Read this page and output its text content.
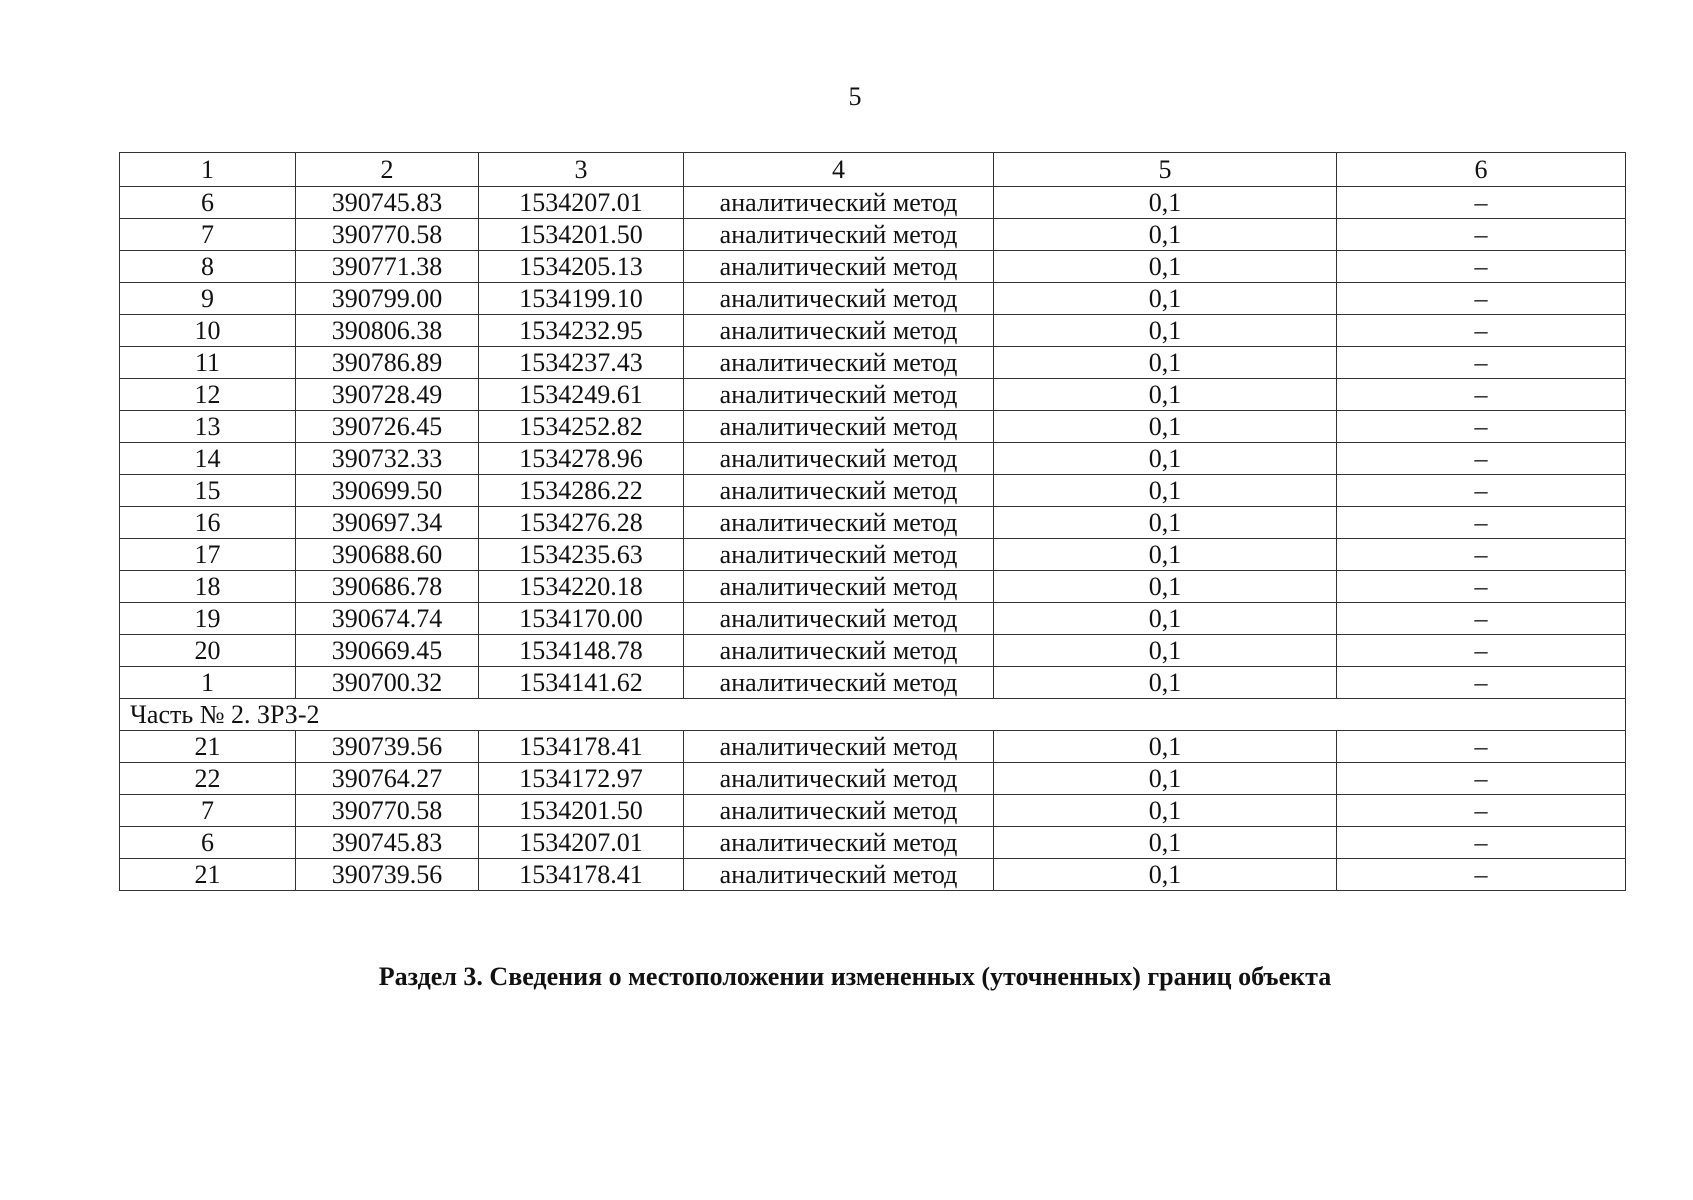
5
1	2	3	4	5	6
6	390745.83	1534207.01	аналитический метод	0,1	–
7	390770.58	1534201.50	аналитический метод	0,1	–
8	390771.38	1534205.13	аналитический метод	0,1	–
9	390799.00	1534199.10	аналитический метод	0,1	–
10	390806.38	1534232.95	аналитический метод	0,1	–
11	390786.89	1534237.43	аналитический метод	0,1	–
12	390728.49	1534249.61	аналитический метод	0,1	–
13	390726.45	1534252.82	аналитический метод	0,1	–
14	390732.33	1534278.96	аналитический метод	0,1	–
15	390699.50	1534286.22	аналитический метод	0,1	–
16	390697.34	1534276.28	аналитический метод	0,1	–
17	390688.60	1534235.63	аналитический метод	0,1	–
18	390686.78	1534220.18	аналитический метод	0,1	–
19	390674.74	1534170.00	аналитический метод	0,1	–
20	390669.45	1534148.78	аналитический метод	0,1	–
1	390700.32	1534141.62	аналитический метод	0,1	–
Часть № 2. ЗРЗ-2					
21	390739.56	1534178.41	аналитический метод	0,1	–
22	390764.27	1534172.97	аналитический метод	0,1	–
7	390770.58	1534201.50	аналитический метод	0,1	–
6	390745.83	1534207.01	аналитический метод	0,1	–
21	390739.56	1534178.41	аналитический метод	0,1	–
Раздел 3. Сведения о местоположении измененных (уточненных) границ объекта
